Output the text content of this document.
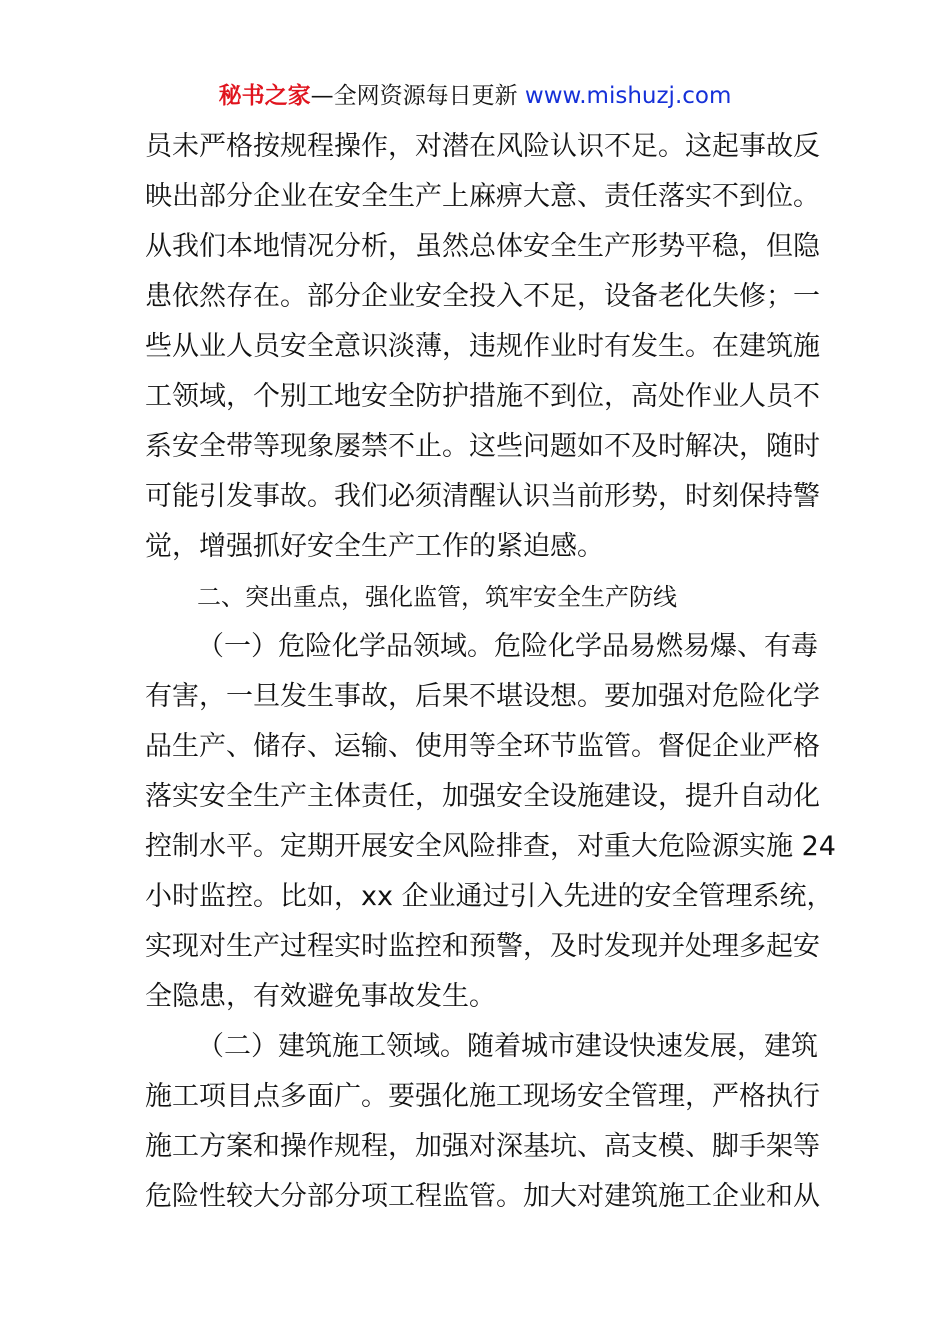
秘书之家—全网资源每日更新 www.mishuzj.com
员未严格按规程操作，对潜在风险认识不足。这起事故反
映出部分企业在安全生产上麻痹大意、责任落实不到位。
从我们本地情况分析，虽然总体安全生产形势平稳，但隐
患依然存在。部分企业安全投入不足，设备老化失修；一
些从业人员安全意识淡薄，违规作业时有发生。在建筑施
工领域，个别工地安全防护措施不到位，高处作业人员不
系安全带等现象屡禁不止。这些问题如不及时解决，随时
可能引发事故。我们必须清醒认识当前形势，时刻保持警
觉，增强抓好安全生产工作的紧迫感。
二、突出重点，强化监管，筑牢安全生产防线
（一）危险化学品领域。危险化学品易燃易爆、有毒
有害，一旦发生事故，后果不堪设想。要加强对危险化学
品生产、储存、运输、使用等全环节监管。督促企业严格
落实安全生产主体责任，加强安全设施建设，提升自动化
控制水平。定期开展安全风险排查，对重大危险源实施 24
小时监控。比如，xx 企业通过引入先进的安全管理系统，
实现对生产过程实时监控和预警，及时发现并处理多起安
全隐患，有效避免事故发生。
（二）建筑施工领域。随着城市建设快速发展，建筑
施工项目点多面广。要强化施工现场安全管理，严格执行
施工方案和操作规程，加强对深基坑、高支模、脚手架等
危险性较大分部分项工程监管。加大对建筑施工企业和从
